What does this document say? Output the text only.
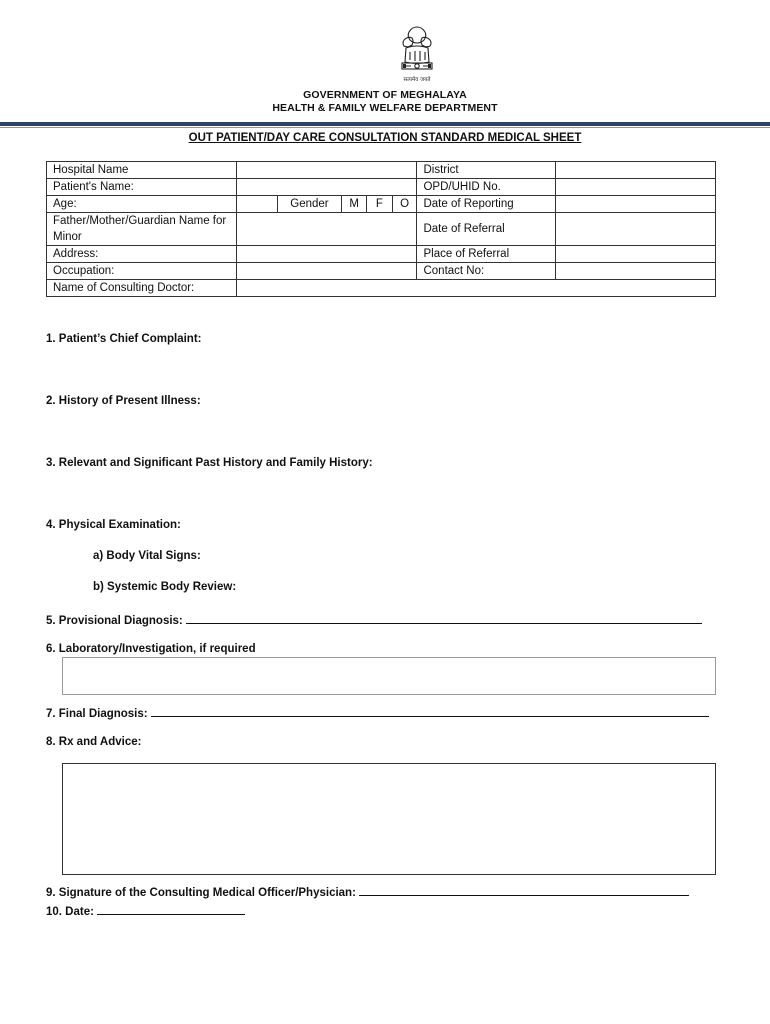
सत्यमेव जयते
GOVERNMENT OF MEGHALAYA
HEALTH & FAMILY WELFARE DEPARTMENT
OUT PATIENT/DAY CARE CONSULTATION STANDARD MEDICAL SHEET
Hospital Name						District	
Patient's Name:						OPD/UHID No.	
Age:		Gender	M	F	O	Date of Reporting	
Father/Mother/Guardian Name for Minor						Date of Referral	
Address:						Place of Referral	
Occupation:						Contact No:	
Name of Consulting Doctor:							
1. Patient’s Chief Complaint:
2. History of Present Illness:
3. Relevant and Significant Past History and Family History:
4. Physical Examination:
a) Body Vital Signs:
b) Systemic Body Review:
5. Provisional Diagnosis:
6. Laboratory/Investigation, if required
7. Final Diagnosis:
8. Rx and Advice:
9. Signature of the Consulting Medical Officer/Physician:
10. Date:
